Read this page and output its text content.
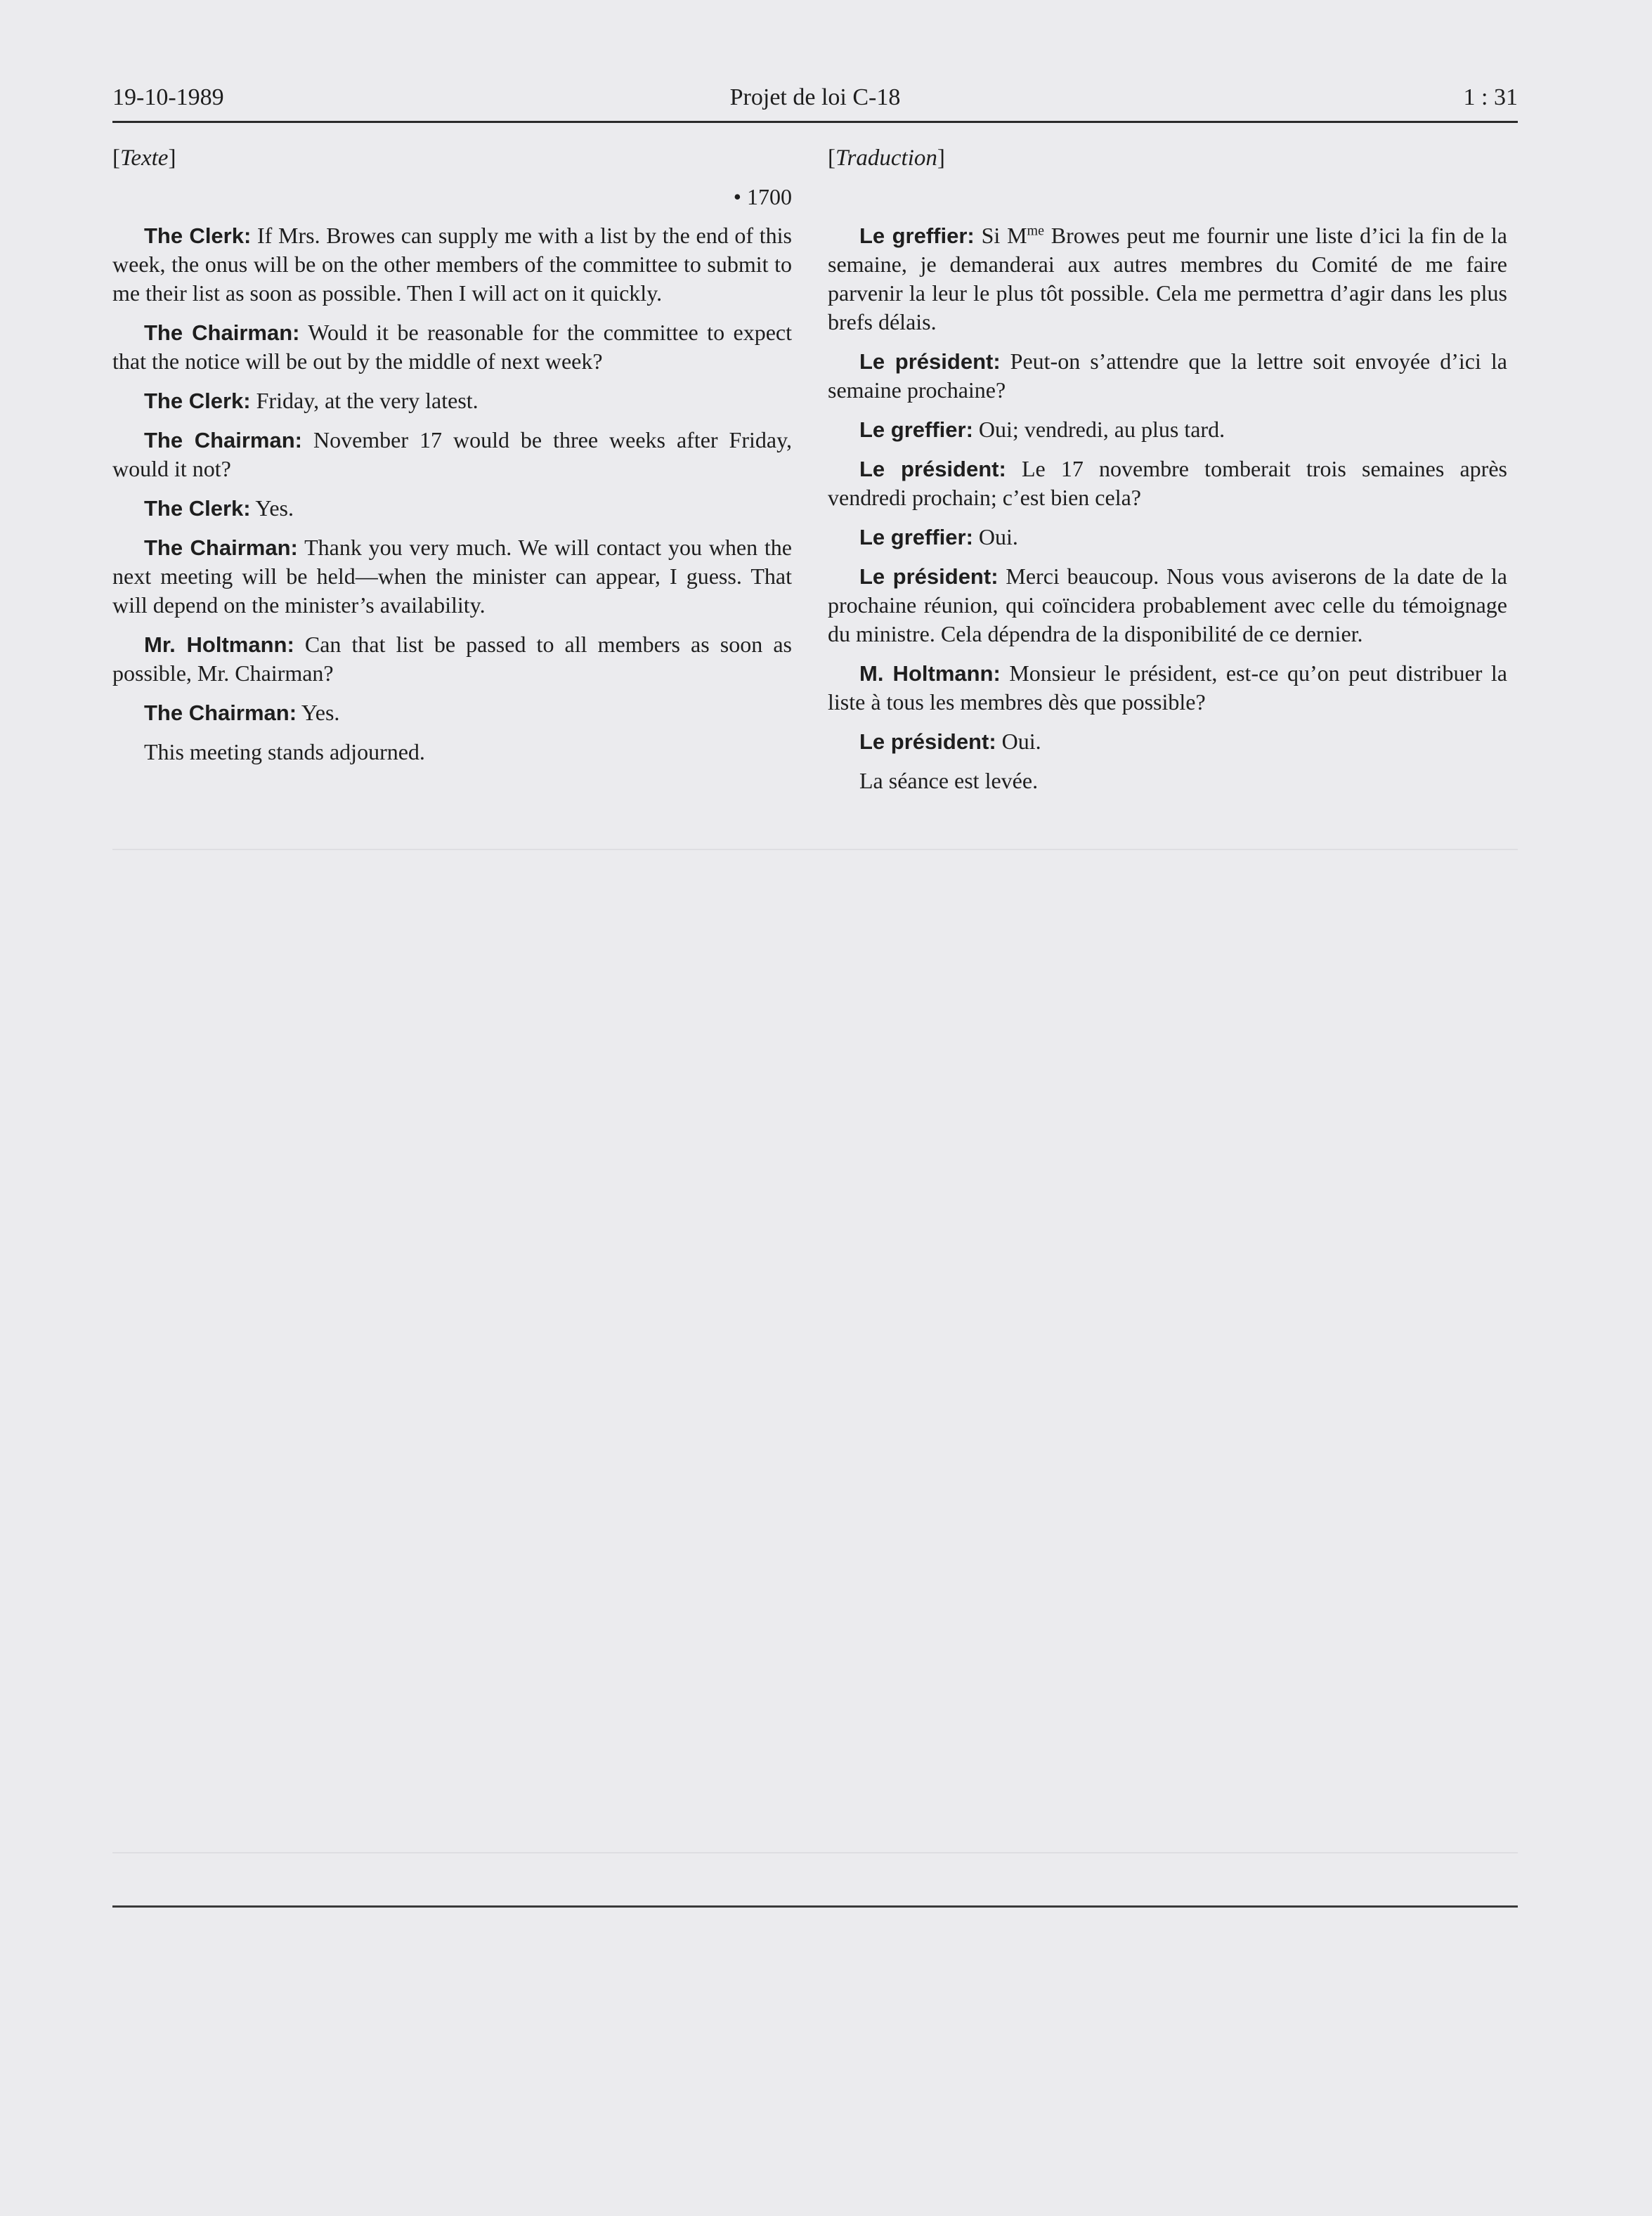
19-10-1989	Projet de loi C-18	1 : 31
[Texte]
• 1700

The Clerk: If Mrs. Browes can supply me with a list by the end of this week, the onus will be on the other members of the committee to submit to me their list as soon as possible. Then I will act on it quickly.

The Chairman: Would it be reasonable for the committee to expect that the notice will be out by the middle of next week?

The Clerk: Friday, at the very latest.

The Chairman: November 17 would be three weeks after Friday, would it not?

The Clerk: Yes.

The Chairman: Thank you very much. We will contact you when the next meeting will be held—when the minister can appear, I guess. That will depend on the minister’s availability.

Mr. Holtmann: Can that list be passed to all members as soon as possible, Mr. Chairman?

The Chairman: Yes.

This meeting stands adjourned.

[Traduction]

Le greffier: Si $M^{me}$ Browes peut me fournir une liste d’ici la fin de la semaine, je demanderai aux autres membres du Comité de me faire parvenir la leur le plus tôt possible. Cela me permettra d’agir dans les plus brefs délais.

Le président: Peut-on s’attendre que la lettre soit envoyée d’ici la semaine prochaine?

Le greffier: Oui; vendredi, au plus tard.

Le président: Le 17 novembre tomberait trois semaines après vendredi prochain; c’est bien cela?

Le greffier: Oui.

Le président: Merci beaucoup. Nous vous aviserons de la date de la prochaine réunion, qui coïncidera probablement avec celle du témoignage du ministre. Cela dépendra de la disponibilité de ce dernier.

M. Holtmann: Monsieur le président, est-ce qu’on peut distribuer la liste à tous les membres dès que possible?

Le président: Oui.

La séance est levée.
